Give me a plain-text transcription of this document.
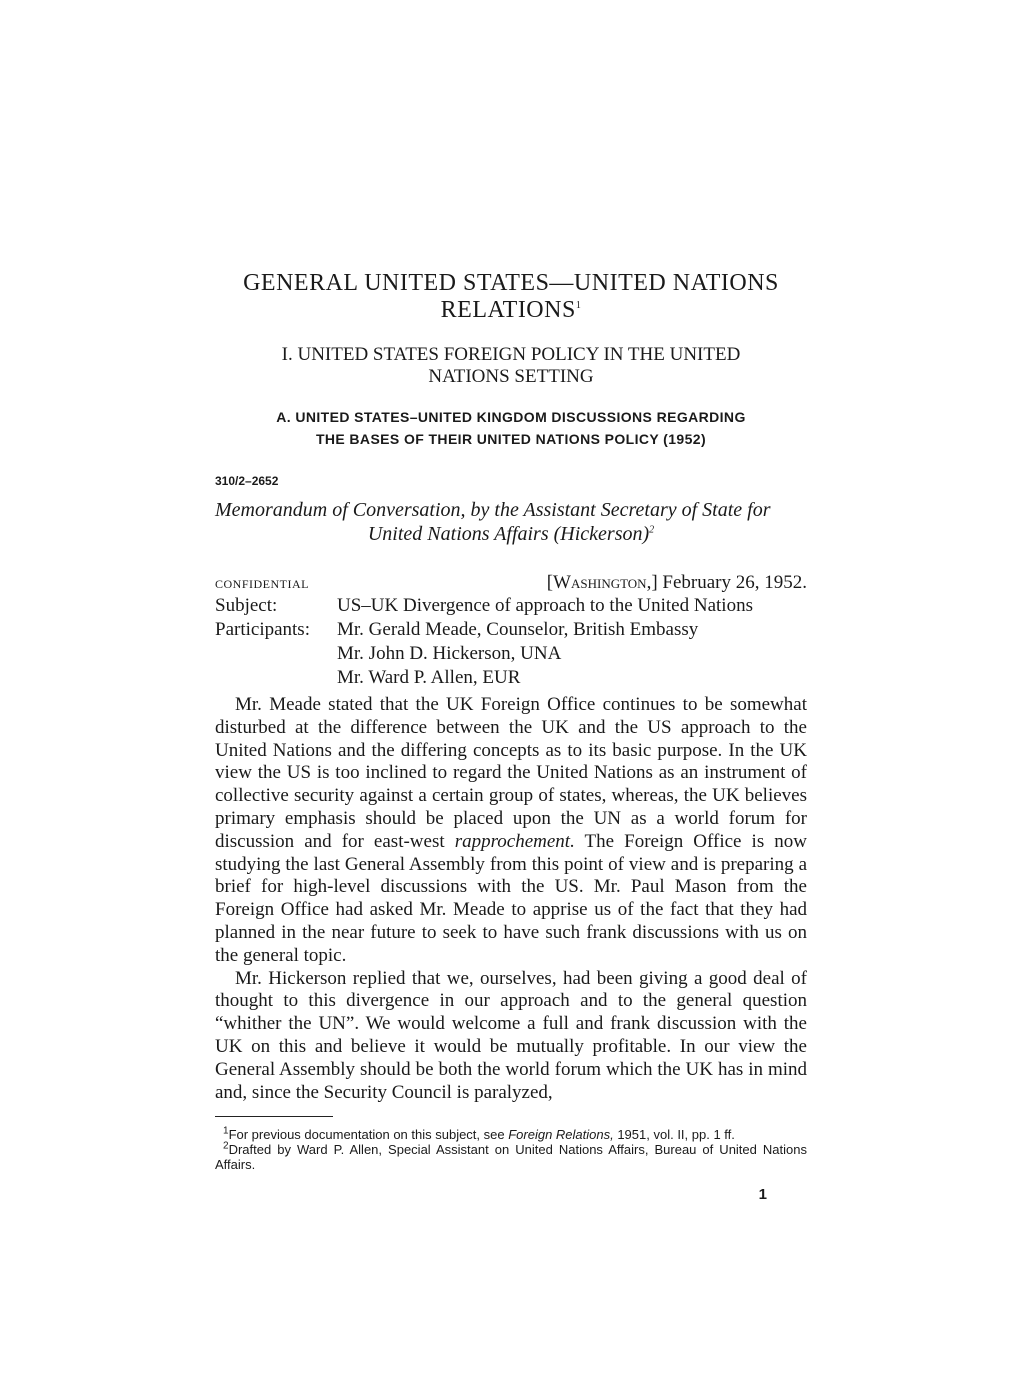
GENERAL UNITED STATES—UNITED NATIONS
RELATIONS$^1$
I. UNITED STATES FOREIGN POLICY IN THE UNITED
NATIONS SETTING
A. UNITED STATES–UNITED KINGDOM DISCUSSIONS REGARDING
THE BASES OF THEIR UNITED NATIONS POLICY (1952)
310/2–2652
Memorandum of Conversation, by the Assistant Secretary of State for
United Nations Affairs (Hickerson)$^2$
CONFIDENTIAL	[Washington,] February 26, 1952.
Subject:	US–UK Divergence of approach to the United Nations
Participants:	Mr. Gerald Meade, Counselor, British Embassy
Mr. John D. Hickerson, UNA
Mr. Ward P. Allen, EUR

Mr. Meade stated that the UK Foreign Office continues to be somewhat disturbed at the difference between the UK and the US approach to the United Nations and the differing concepts as to its basic purpose. In the UK view the US is too inclined to regard the United Nations as an instrument of collective security against a certain group of states, whereas, the UK believes primary emphasis should be placed upon the UN as a world forum for discussion and for east-west rapprochement. The Foreign Office is now studying the last General Assembly from this point of view and is preparing a brief for high-level discussions with the US. Mr. Paul Mason from the Foreign Office had asked Mr. Meade to apprise us of the fact that they had planned in the near future to seek to have such frank discussions with us on the general topic.

Mr. Hickerson replied that we, ourselves, had been giving a good deal of thought to this divergence in our approach and to the general question “whither the UN”. We would welcome a full and frank discussion with the UK on this and believe it would be mutually profitable. In our view the General Assembly should be both the world forum which the UK has in mind and, since the Security Council is paralyzed,

$^1$For previous documentation on this subject, see Foreign Relations, 1951, vol. II, pp. 1 ff.

$^2$Drafted by Ward P. Allen, Special Assistant on United Nations Affairs, Bureau of United Nations Affairs.

1
